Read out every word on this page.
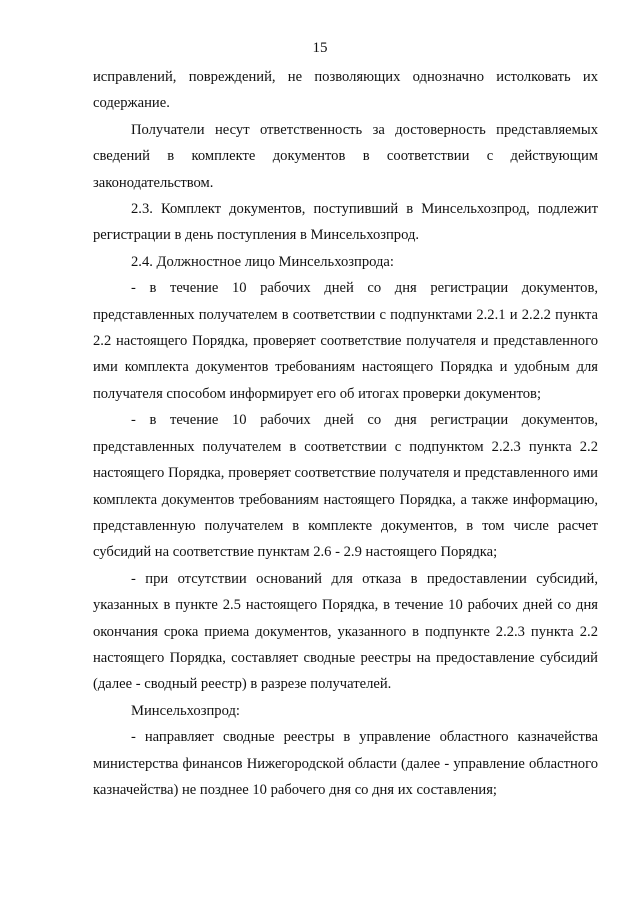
15

исправлений, повреждений, не позволяющих однозначно истолковать их содержание.

Получатели несут ответственность за достоверность представляемых сведений в комплекте документов в соответствии с действующим законодательством.

2.3. Комплект документов, поступивший в Минсельхозпрод, подлежит регистрации в день поступления в Минсельхозпрод.

2.4. Должностное лицо Минсельхозпрода:

- в течение 10 рабочих дней со дня регистрации документов, представленных получателем в соответствии с подпунктами 2.2.1 и 2.2.2 пункта 2.2 настоящего Порядка, проверяет соответствие получателя и представленного ими комплекта документов требованиям настоящего Порядка и удобным для получателя способом информирует его об итогах проверки документов;

- в течение 10 рабочих дней со дня регистрации документов, представленных получателем в соответствии с подпунктом 2.2.3 пункта 2.2 настоящего Порядка, проверяет соответствие получателя и представленного ими комплекта документов требованиям настоящего Порядка, а также информацию, представленную получателем в комплекте документов, в том числе расчет субсидий на соответствие пунктам 2.6 - 2.9 настоящего Порядка;

- при отсутствии оснований для отказа в предоставлении субсидий, указанных в пункте 2.5 настоящего Порядка, в течение 10 рабочих дней со дня окончания срока приема документов, указанного в подпункте 2.2.3 пункта 2.2 настоящего Порядка, составляет сводные реестры на предоставление субсидий (далее - сводный реестр) в разрезе получателей.

Минсельхозпрод:

- направляет сводные реестры в управление областного казначейства министерства финансов Нижегородской области (далее - управление областного казначейства) не позднее 10 рабочего дня со дня их составления;
